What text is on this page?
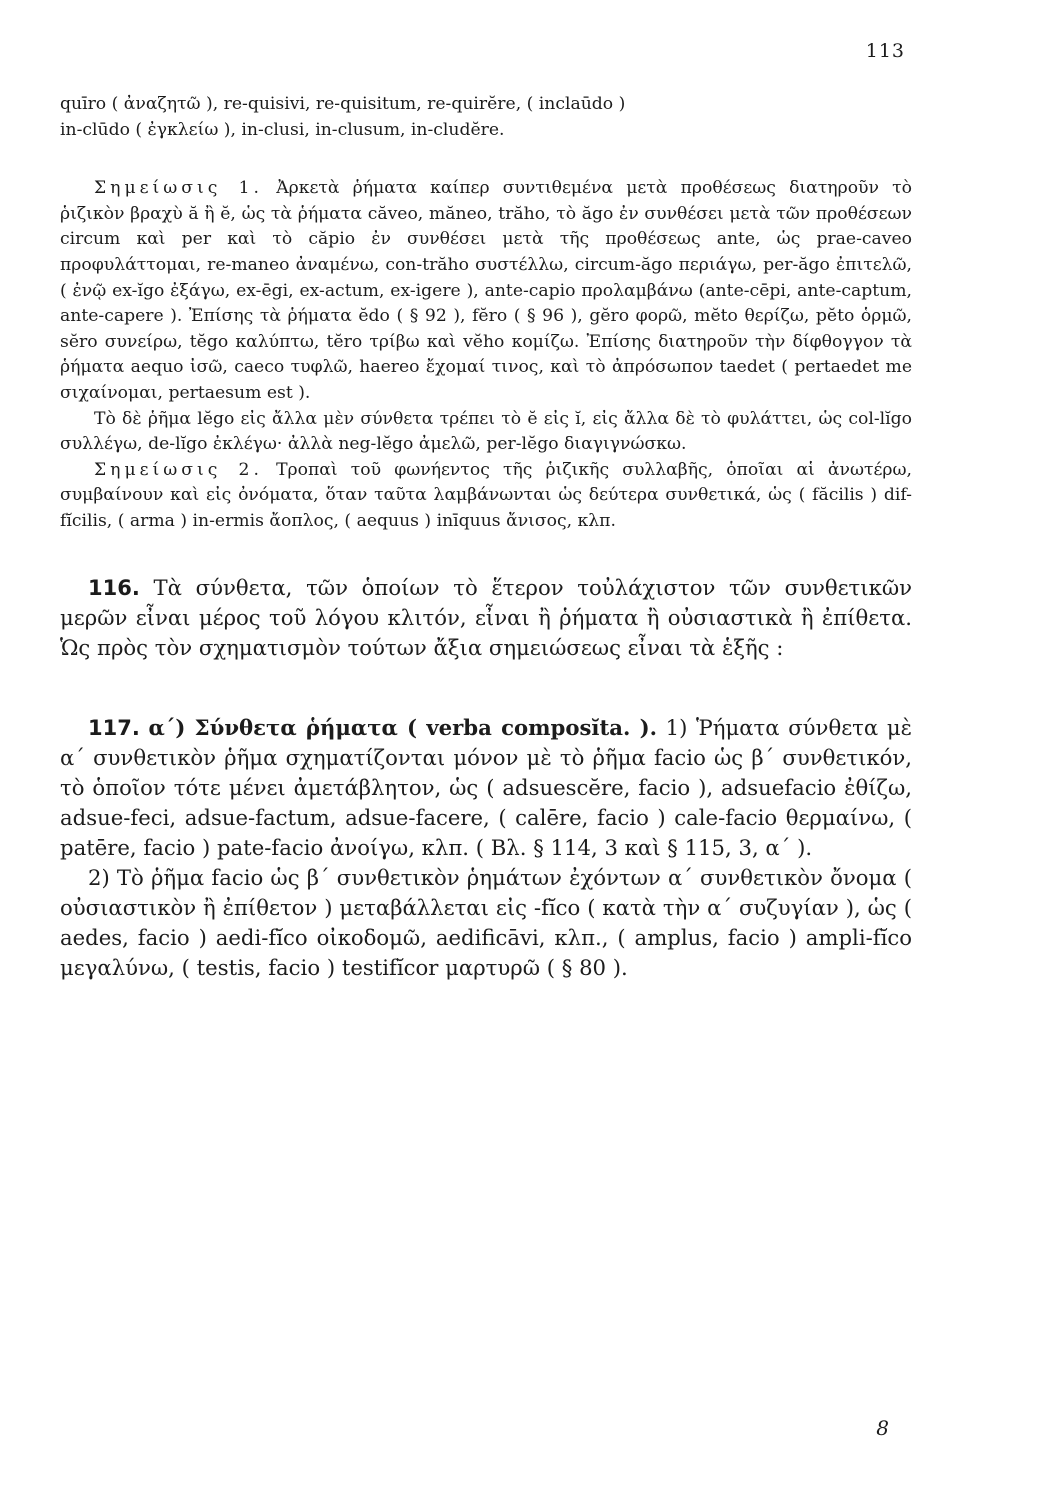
113

quīro ( ἀναζητῶ ), re-quisivi, re-quisitum, re-quirĕre, ( inclaūdo )

in-clūdo ( ἐγκλείω ), in-clusi, in-clusum, in-cludĕre.

Σημείωσις 1. Ἀρκετὰ ῥήματα καίπερ συντιθεμένα μετὰ προθέσεως διατηροῦν τὸ ῥιζικὸν βραχὺ ă ἢ ĕ, ὡς τὰ ῥήματα căveo, măneo, trăho, τὸ ăgo ἐν συνθέσει μετὰ τῶν προθέσεων circum καὶ per καὶ τὸ căpio ἐν συνθέσει μετὰ τῆς προθέσεως ante, ὡς prae-caveo προφυλάττομαι, re-maneo ἀναμένω, con-trăho συστέλλω, circum-ăgo περιάγω, per-ăgo ἐπιτελῶ, ( ἐνῷ ex-ĭgo ἐξάγω, ex-ēgi, ex-actum, ex-igere ), ante-capio προλαμβάνω (ante-cēpi, ante-captum, ante-capere ). Ἐπίσης τὰ ῥήματα ĕdo ( § 92 ), fĕro ( § 96 ), gĕro φορῶ, mĕto θερίζω, pĕto ὁρμῶ, sĕro συνείρω, tĕgo καλύπτω, tĕro τρίβω καὶ vĕho κομίζω. Ἐπίσης διατηροῦν τὴν δίφθογγον τὰ ῥήματα aequo ἰσῶ, caeco τυφλῶ, haereo ἔχομαί τινος, καὶ τὸ ἀπρόσωπον taedet ( pertaedet me σιχαίνομαι, pertaesum est ).

Τὸ δὲ ῥῆμα lĕgo εἰς ἄλλα μὲν σύνθετα τρέπει τὸ ĕ εἰς ĭ, εἰς ἄλλα δὲ τὸ φυλάττει, ὡς col-lĭgo συλλέγω, de-lĭgo ἐκλέγω· ἀλλὰ neg-lĕgo ἀμελῶ, per-lĕgo διαγιγνώσκω.

Σημείωσις 2. Τροπαὶ τοῦ φωνήεντος τῆς ῥιζικῆς συλλαβῆς, ὁποῖαι αἱ ἀνωτέρω, συμβαίνουν καὶ εἰς ὀνόματα, ὅταν ταῦτα λαμβάνωνται ὡς δεύτερα συνθετικά, ὡς ( făcilis ) dif-fĭcilis, ( arma ) in-ermis ἄοπλος, ( aequus ) inīquus ἄνισος, κλπ.

116. Τὰ σύνθετα, τῶν ὁποίων τὸ ἕτερον τοὐλάχιστον τῶν συνθετικῶν μερῶν εἶναι μέρος τοῦ λόγου κλιτόν, εἶναι ἢ ῥήματα ἢ οὐσιαστικὰ ἢ ἐπίθετα. Ὡς πρὸς τὸν σχηματισμὸν τούτων ἄξια σημειώσεως εἶναι τὰ ἑξῆς :

117. α΄) Σύνθετα ῥήματα ( verba composĭta. ). 1) Ῥήματα σύνθετα μὲ α΄ συνθετικὸν ῥῆμα σχηματίζονται μόνον μὲ τὸ ῥῆμα facio ὡς β΄ συνθετικόν, τὸ ὁποῖον τότε μένει ἀμετάβλητον, ὡς ( adsuescĕre, facio ), adsuefacio ἐθίζω, adsue-feci, adsue-factum, adsue-facere, ( calēre, facio ) cale-facio θερμαίνω, ( patēre, facio ) pate-facio ἀνοίγω, κλπ. ( Βλ. § 114, 3 καὶ § 115, 3, α΄ ).

2) Τὸ ῥῆμα facio ὡς β΄ συνθετικὸν ῥημάτων ἐχόντων α΄ συνθετικὸν ὄνομα ( οὐσιαστικὸν ἢ ἐπίθετον ) μεταβάλλεται εἰς -fĭco ( κατὰ τὴν α΄ συζυγίαν ), ὡς ( aedes, facio ) aedi-fĭco οἰκοδομῶ, aedificāvi, κλπ., ( amplus, facio ) ampli-fĭco μεγαλύνω, ( testis, facio ) testifĭcor μαρτυρῶ ( § 80 ).

8
